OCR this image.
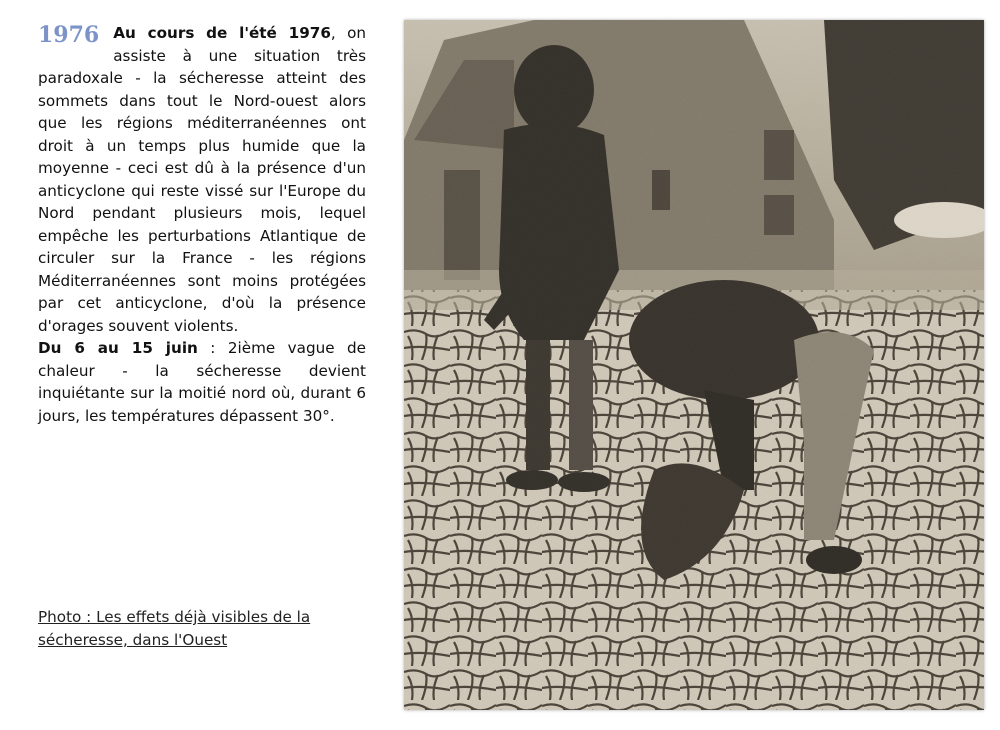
1976 Au cours de l'été 1976, on assiste à une situation très paradoxale - la sécheresse atteint des sommets dans tout le Nord-ouest alors que les régions méditerranéennes ont droit à un temps plus humide que la moyenne - ceci est dû à la présence d'un anticyclone qui reste vissé sur l'Europe du Nord pendant plusieurs mois, lequel empêche les perturbations Atlantique de circuler sur la France - les régions Méditerranéennes sont moins protégées par cet anticyclone, d'où la présence d'orages souvent violents.

Du 6 au 15 juin : 2ième vague de chaleur - la sécheresse devient inquiétante sur la moitié nord où, durant 6 jours, les températures dépassent 30°.

Photo : Les effets déjà visibles de la sécheresse, dans l'Ouest
